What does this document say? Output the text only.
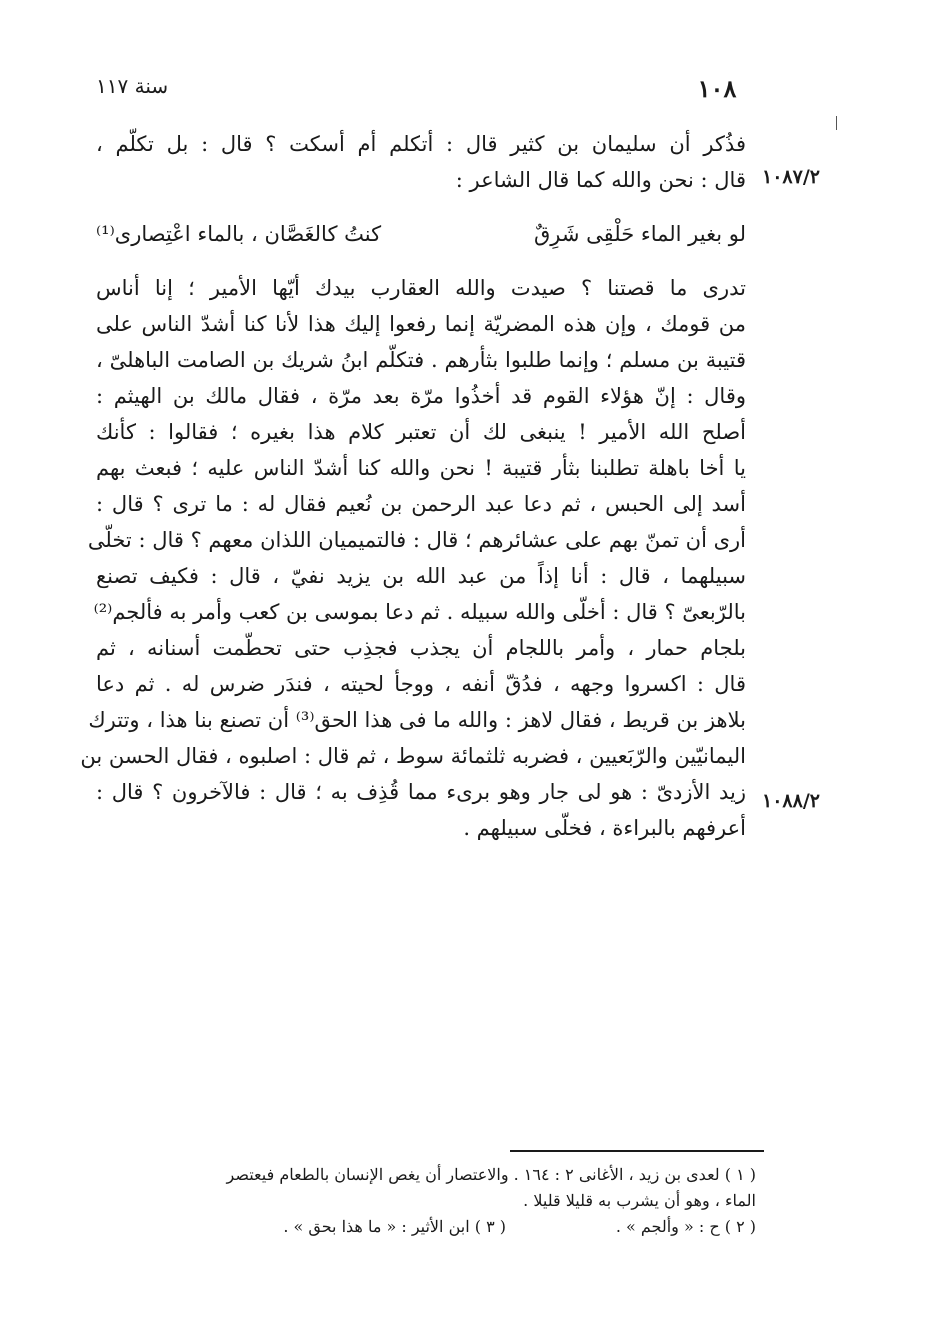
١٠٨
سنة ١١٧
١٠٨٧/٢
١٠٨٨/٢
فذُكر أن سليمان بن كثير قال : أتكلم أم أسكت ؟ قال : بل تكلّم ،
قال : نحن والله كما قال الشاعر :
لو بغير الماء حَلْقِى شَرِقٌ
كنتُ كالغَصَّان ، بالماء اعْتِصارى⁽¹⁾
تدرى ما قصتنا ؟ صيدت والله العقارب بيدك أيّها الأمير ؛ إنا أناس
من قومك ، وإن هذه المضريّة إنما رفعوا إليك هذا لأنا كنا أشدّ الناس على
قتيبة بن مسلم ؛ وإنما طلبوا بثأرهم . فتكلّم ابنُ شريك بن الصامت الباهلىّ ،
وقال : إنّ هؤلاء القوم قد أخذُوا مرّة بعد مرّة ، فقال مالك بن الهيثم :
أصلح الله الأمير ! ينبغى لك أن تعتبر كلام هذا بغيره ؛ فقالوا : كأنك
يا أخا باهلة تطلبنا بثأر قتيبة ! نحن والله كنا أشدّ الناس عليه ؛ فبعث بهم
أسد إلى الحبس ، ثم دعا عبد الرحمن بن نُعيم فقال له : ما ترى ؟ قال :
أرى أن تمنّ بهم على عشائرهم ؛ قال : فالتميميان اللذان معهم ؟ قال : تخلّى
سبيلهما ، قال : أنا إذاً من عبد الله بن يزيد نفيّ ، قال : فكيف تصنع
بالرّبعىّ ؟ قال : أخلّى والله سبيله . ثم دعا بموسى بن كعب وأمر به فألجم⁽²⁾
بلجام حمار ، وأمر باللجام أن يجذب فجذِب حتى تحطّمت أسنانه ، ثم
قال : اكسروا وجهه ، فدُقّ أنفه ، ووجأ لحيته ، فندَر ضرس له . ثم دعا
بلاهز بن قريط ، فقال لاهز : والله ما فى هذا الحق⁽³⁾ أن تصنع بنا هذا ، وتترك
اليمانيّين والرّبَعيين ، فضربه ثلثمائة سوط ، ثم قال : اصلبوه ، فقال الحسن بن
زيد الأزدىّ : هو لى جار وهو برىء مما قُذِف به ؛ قال : فالآخرون ؟ قال :
أعرفهم بالبراءة ، فخلّى سبيلهم .
( ١ ) لعدى بن زيد ، الأغانى ٢ : ١٦٤ . والاعتصار أن يغص الإنسان بالطعام فيعتصر
الماء ، وهو أن يشرب به قليلا قليلا .
( ٢ ) ح : « وألجم » .
( ٣ ) ابن الأثير : « ما هذا بحق » .
